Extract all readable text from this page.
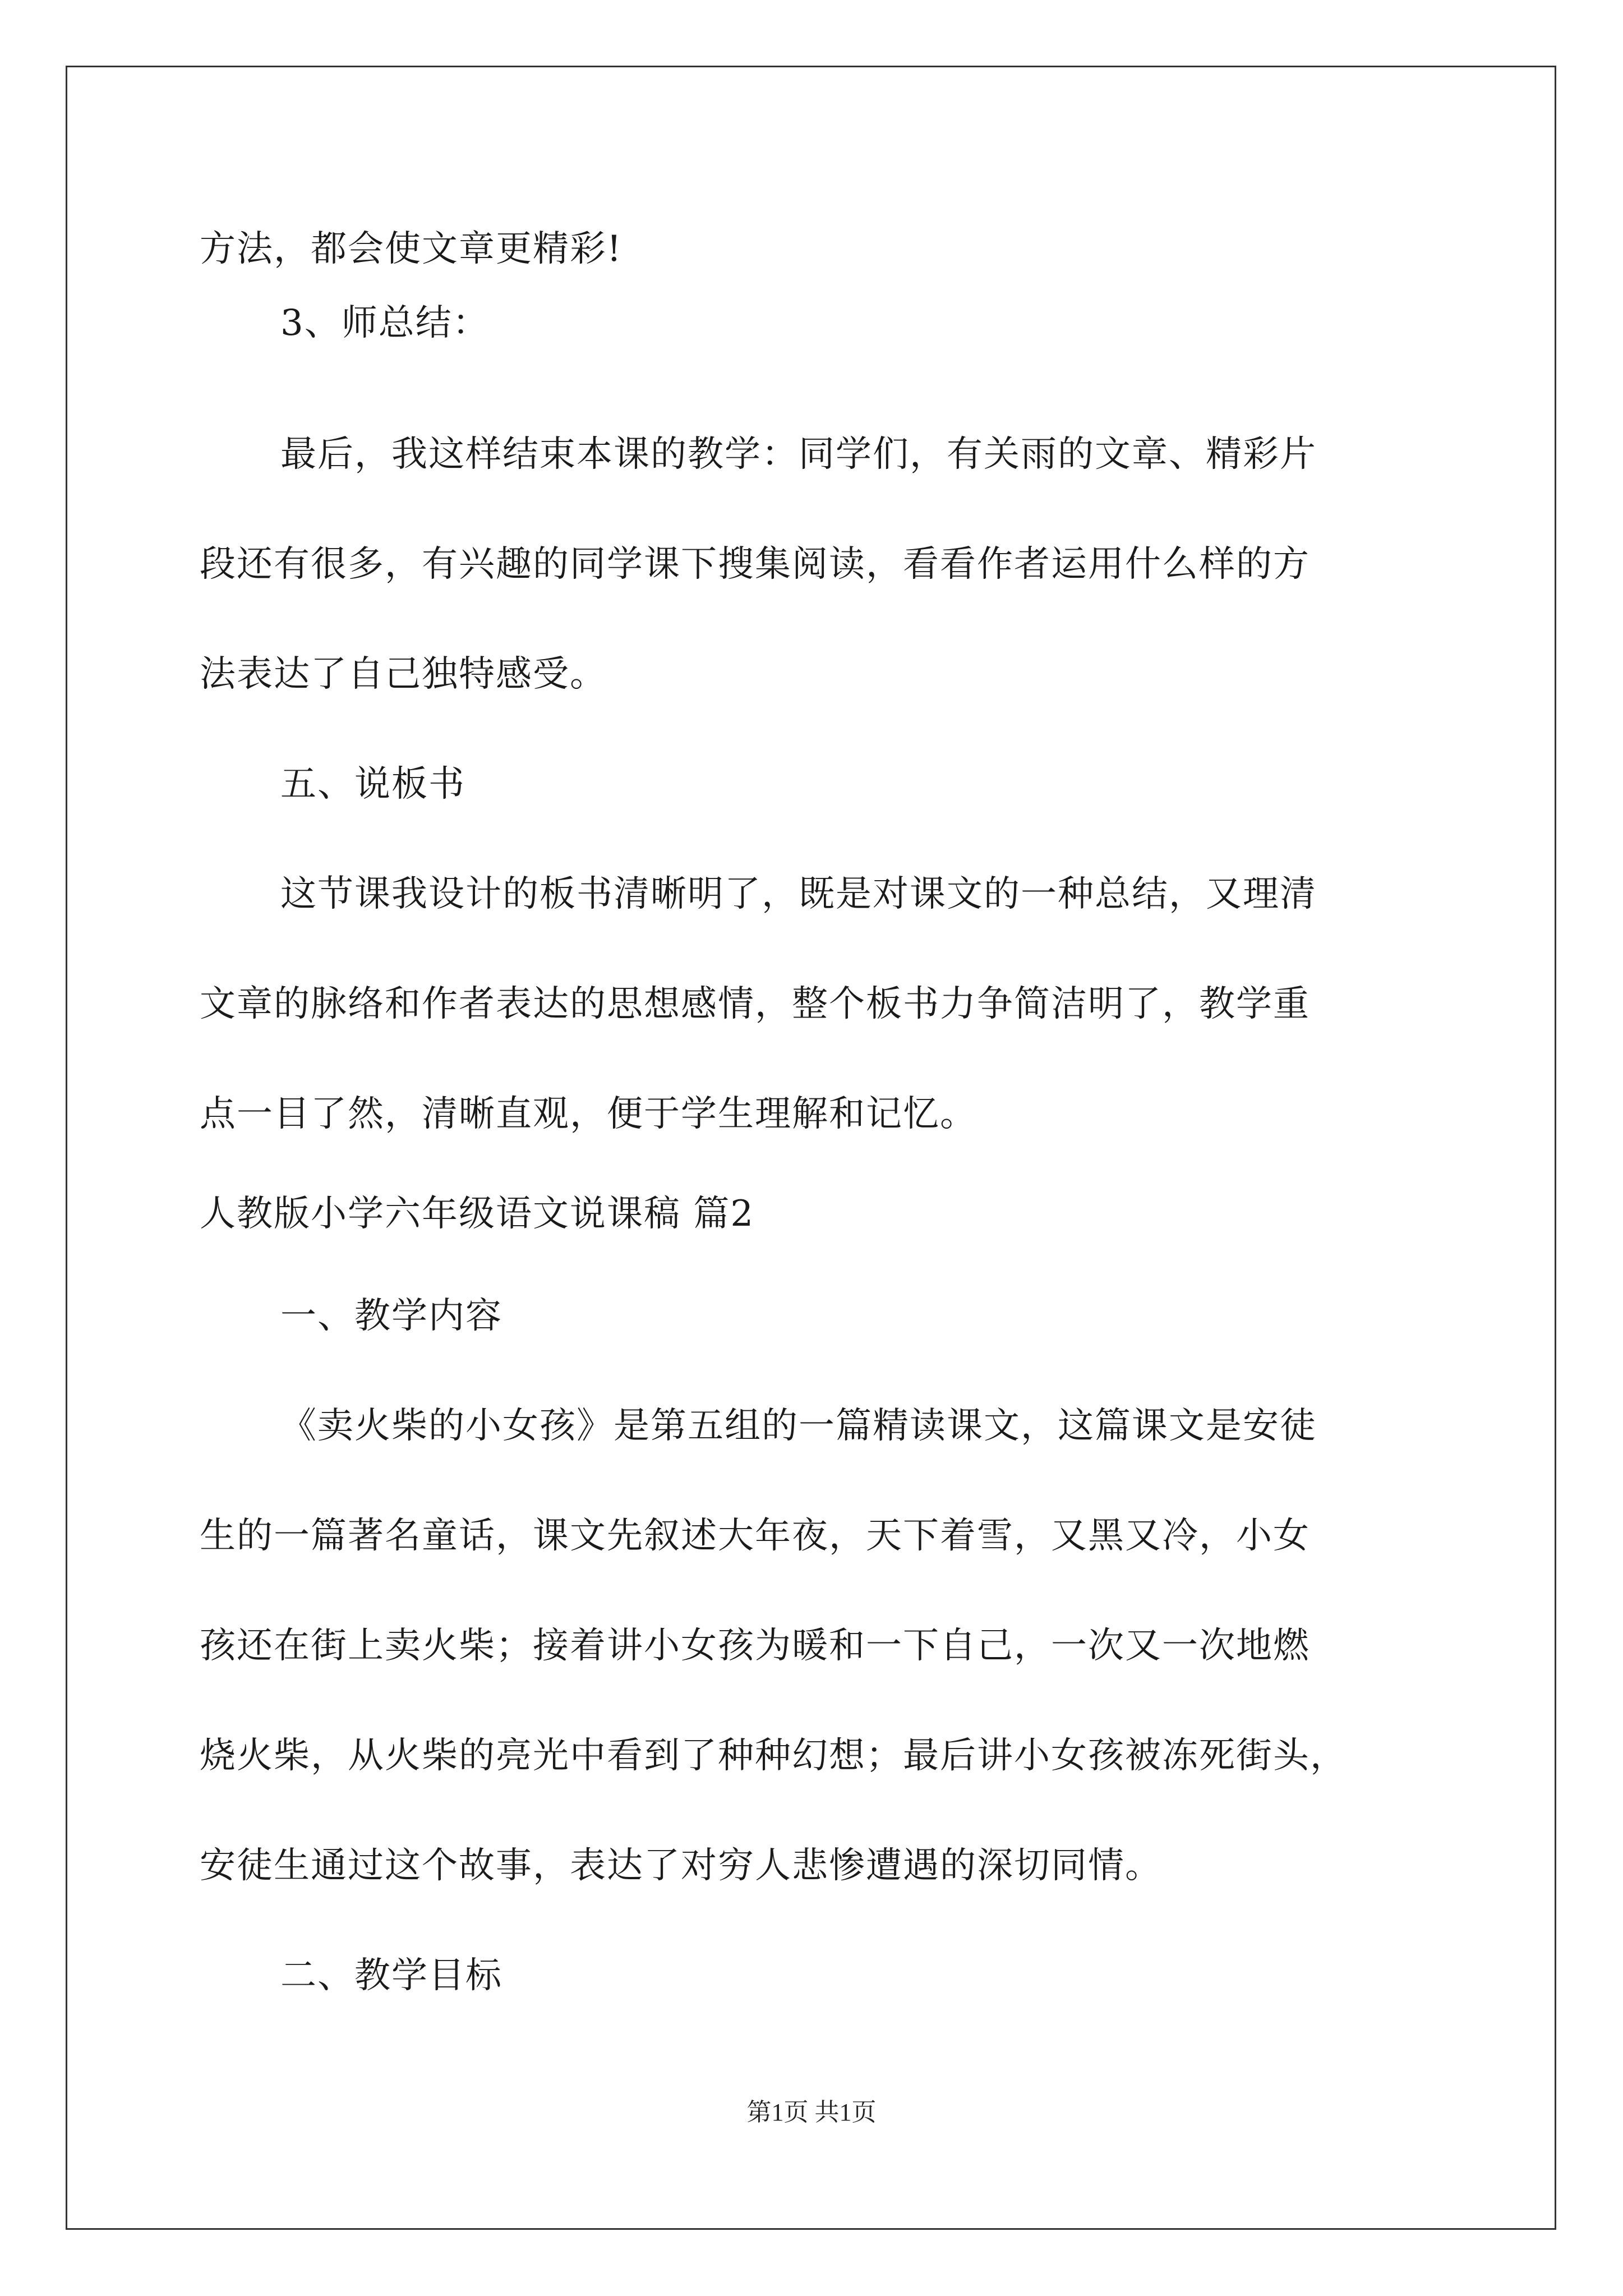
方法，都会使文章更精彩!
3、师总结：
最后，我这样结束本课的教学：同学们，有关雨的文章、精彩片
段还有很多，有兴趣的同学课下搜集阅读，看看作者运用什么样的方
法表达了自己独特感受。
五、说板书
这节课我设计的板书清晰明了，既是对课文的一种总结，又理清
文章的脉络和作者表达的思想感情，整个板书力争简洁明了，教学重
点一目了然，清晰直观，便于学生理解和记忆。
人教版小学六年级语文说课稿 篇2
一、教学内容
《卖火柴的小女孩》是第五组的一篇精读课文，这篇课文是安徒
生的一篇著名童话，课文先叙述大年夜，天下着雪，又黑又冷，小女
孩还在街上卖火柴；接着讲小女孩为暖和一下自己，一次又一次地燃
烧火柴，从火柴的亮光中看到了种种幻想；最后讲小女孩被冻死街头，
安徒生通过这个故事，表达了对穷人悲惨遭遇的深切同情。
二、教学目标
第1页 共1页
